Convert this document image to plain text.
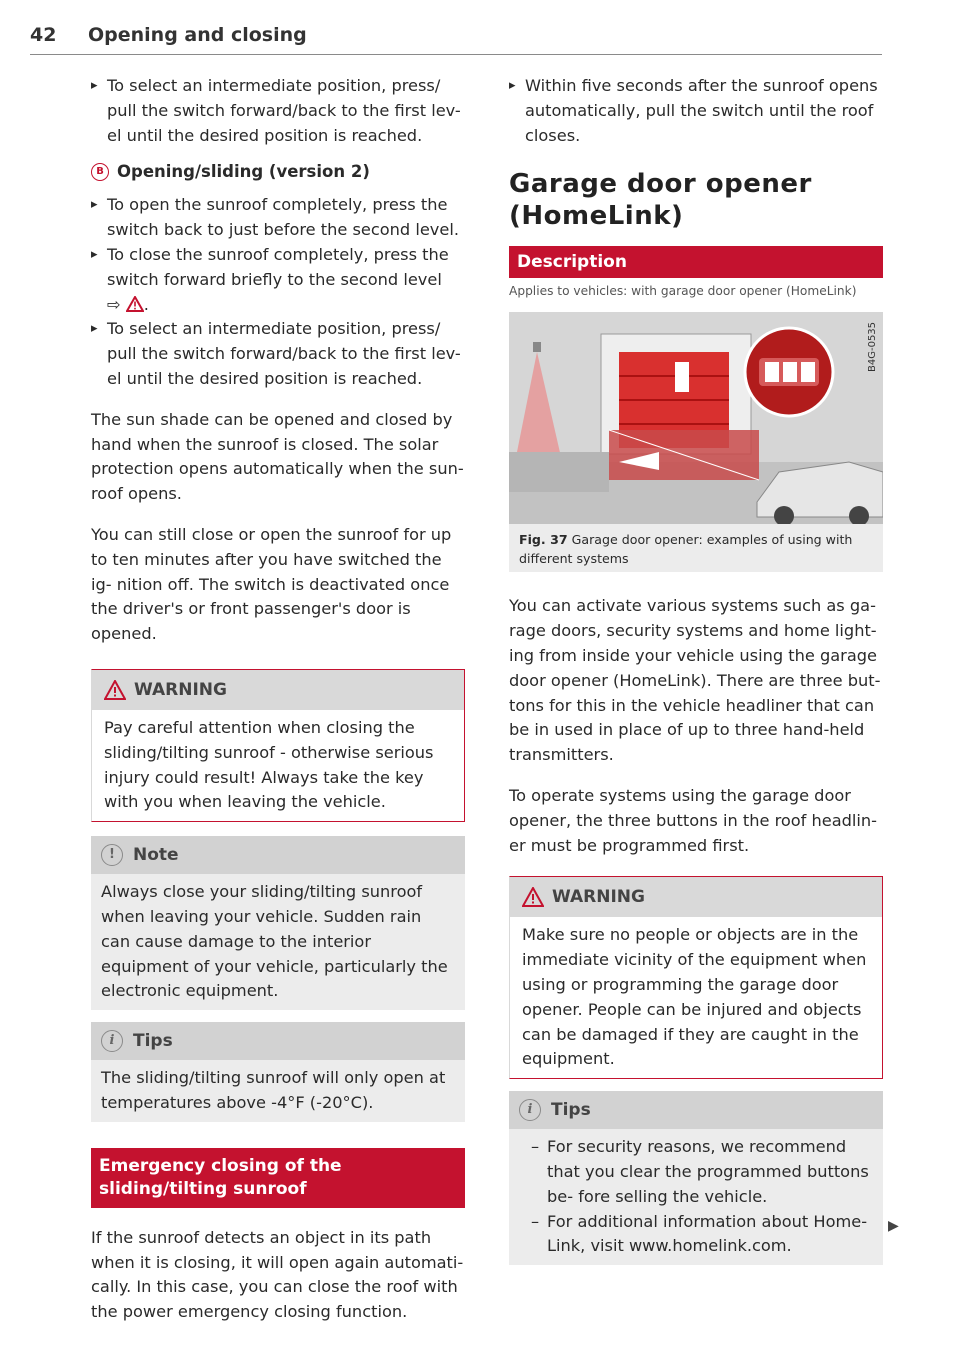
42 Opening and closing

▸ To select an intermediate position, press/ pull the switch forward/back to the first lev- el until the desired position is reached.

B Opening/sliding (version 2)

▸ To open the sunroof completely, press the switch back to just before the second level.

▸ To close the sunroof completely, press the switch forward briefly to the second level
⇨ .

▸ To select an intermediate position, press/ pull the switch forward/back to the first lev- el until the desired position is reached.

The sun shade can be opened and closed by hand when the sunroof is closed. The solar protection opens automatically when the sun- roof opens.

You can still close or open the sunroof for up to ten minutes after you have switched the ig- nition off. The switch is deactivated once the driver's or front passenger's door is opened.

WARNING
Pay careful attention when closing the sliding/tilting sunroof - otherwise serious injury could result! Always take the key with you when leaving the vehicle.
!	Note
Always close your sliding/tilting sunroof when leaving your vehicle. Sudden rain can cause damage to the interior equipment of your vehicle, particularly the electronic equipment.
i	Tips
The sliding/tilting sunroof will only open at temperatures above -4°F (-20°C).
Emergency closing of the sliding/tilting sunroof

If the sunroof detects an object in its path when it is closing, it will open again automati- cally. In this case, you can close the roof with the power emergency closing function.

▸ Within five seconds after the sunroof opens automatically, pull the switch until the roof closes.

Garage door opener (HomeLink)
Description
Applies to vehicles: with garage door opener (HomeLink)
B4G-0535
Fig. 37 Garage door opener: examples of using with different systems

You can activate various systems such as ga- rage doors, security systems and home light- ing from inside your vehicle using the garage door opener (HomeLink). There are three but- tons for this in the vehicle headliner that can be in used in place of up to three hand-held transmitters.

To operate systems using the garage door opener, the three buttons in the roof headlin- er must be programmed first.

WARNING
Make sure no people or objects are in the immediate vicinity of the equipment when using or programming the garage door opener. People can be injured and objects can be damaged if they are caught in the equipment.
i	Tips

– For security reasons, we recommend that you clear the programmed buttons be- fore selling the vehicle.

– For additional information about Home- Link, visit www.homelink.com.

▶
